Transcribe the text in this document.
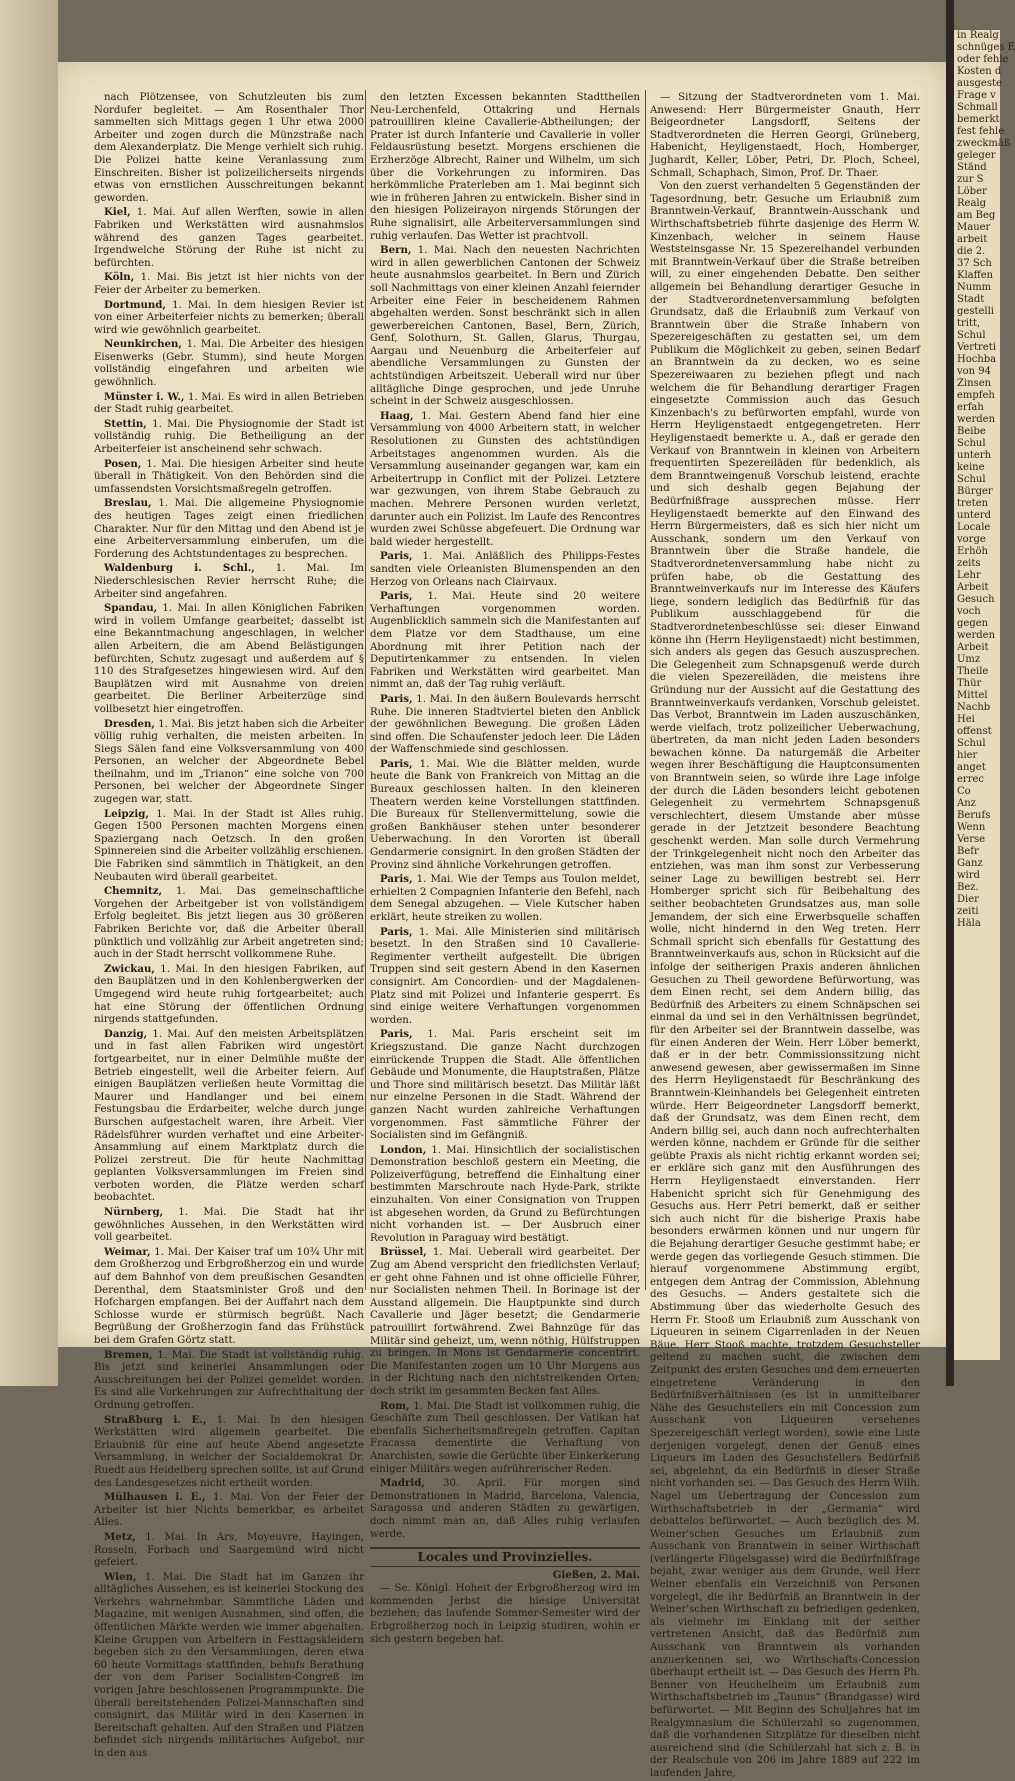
nach Plötzensee, von Schutzleuten bis zum Nordufer begleitet. — Am Rosenthaler Thor sammelten sich Mittags gegen 1 Uhr etwa 2000 Arbeiter und zogen durch die Münzstraße nach dem Alexanderplatz. Die Menge verhielt sich ruhig. Die Polizei hatte keine Veranlassung zum Einschreiten. Bisher ist polizeilicherseits nirgends etwas von ernstlichen Ausschreitungen bekannt geworden.

Kiel, 1. Mai. Auf allen Werften, sowie in allen Fabriken und Werkstätten wird ausnahmslos während des ganzen Tages gearbeitet. Irgendwelche Störung der Ruhe ist nicht zu befürchten.

Köln, 1. Mai. Bis jetzt ist hier nichts von der Feier der Arbeiter zu bemerken.

Dortmund, 1. Mai. In dem hiesigen Revier ist von einer Arbeiterfeier nichts zu bemerken; überall wird wie gewöhnlich gearbeitet.

Neunkirchen, 1. Mai. Die Arbeiter des hiesigen Eisenwerks (Gebr. Stumm), sind heute Morgen vollständig eingefahren und arbeiten wie gewöhnlich.

Münster i. W., 1. Mai. Es wird in allen Betrieben der Stadt ruhig gearbeitet.

Stettin, 1. Mai. Die Physiognomie der Stadt ist vollständig ruhig. Die Betheiligung an der Arbeiterfeier ist anscheinend sehr schwach.

Posen, 1. Mai. Die hiesigen Arbeiter sind heute überall in Thätigkeit. Von den Behörden sind die umfassendsten Vorsichtsmaßregeln getroffen.

Breslau, 1. Mai. Die allgemeine Physiognomie des heutigen Tages zeigt einen friedlichen Charakter. Nur für den Mittag und den Abend ist je eine Arbeiterversammlung einberufen, um die Forderung des Achtstundentages zu besprechen.

Waldenburg i. Schl., 1. Mai. Im Niederschlesischen Revier herrscht Ruhe; die Arbeiter sind angefahren.

Spandau, 1. Mai. In allen Königlichen Fabriken wird in vollem Umfange gearbeitet; dasselbt ist eine Bekanntmachung angeschlagen, in welcher allen Arbeitern, die am Abend Belästigungen befürchten, Schutz zugesagt und außerdem auf § 110 des Strafgesetzes hingewiesen wird. Auf den Bauplätzen wird mit Ausnahme von dreien gearbeitet. Die Berliner Arbeiterzüge sind vollbesetzt hier eingetroffen.

Dresden, 1. Mai. Bis jetzt haben sich die Arbeiter völlig ruhig verhalten, die meisten arbeiten. In Siegs Sälen fand eine Volksversammlung von 400 Personen, an welcher der Abgeordnete Bebel theilnahm, und im „Trianon“ eine solche von 700 Personen, bei welcher der Abgeordnete Singer zugegen war, statt.

Leipzig, 1. Mai. In der Stadt ist Alles ruhig. Gegen 1500 Personen machten Morgens einen Spaziergang nach Oetzsch. In den großen Spinnereien sind die Arbeiter vollzählig erschienen. Die Fabriken sind sämmtlich in Thätigkeit, an den Neubauten wird überall gearbeitet.

Chemnitz, 1. Mai. Das gemeinschaftliche Vorgehen der Arbeitgeber ist von vollständigem Erfolg begleitet. Bis jetzt liegen aus 30 größeren Fabriken Berichte vor, daß die Arbeiter überall pünktlich und vollzählig zur Arbeit angetreten sind; auch in der Stadt herrscht vollkommene Ruhe.

Zwickau, 1. Mai. In den hiesigen Fabriken, auf den Bauplätzen und in den Kohlenbergwerken der Umgegend wird heute ruhig fortgearbeitet; auch hat eine Störung der öffentlichen Ordnung nirgends stattgefunden.

Danzig, 1. Mai. Auf den meisten Arbeitsplätzen und in fast allen Fabriken wird ungestört fortgearbeitet, nur in einer Delmühle mußte der Betrieb eingestellt, weil die Arbeiter feiern. Auf einigen Bauplätzen verließen heute Vormittag die Maurer und Handlanger und bei einem Festungsbau die Erdarbeiter, welche durch junge Burschen aufgestachelt waren, ihre Arbeit. Vier Rädelsführer wurden verhaftet und eine Arbeiter-Ansammlung auf einem Marktplatz durch die Polizei zerstreut. Die für heute Nachmittag geplanten Volksversammlungen im Freien sind verboten worden, die Plätze werden scharf beobachtet.

Nürnberg, 1. Mai. Die Stadt hat ihr gewöhnliches Aussehen, in den Werkstätten wird voll gearbeitet.

Weimar, 1. Mai. Der Kaiser traf um 10¾ Uhr mit dem Großherzog und Erbgroßherzog ein und wurde auf dem Bahnhof von dem preußischen Gesandten Derenthal, dem Staatsminister Groß und den Hofchargen empfangen. Bei der Auffahrt nach dem Schlosse wurde er stürmisch begrüßt. Nach Begrüßung der Großherzogin fand das Frühstück bei dem Grafen Görtz statt.

Bremen, 1. Mai. Die Stadt ist vollständig ruhig. Bis jetzt sind keinerlei Ansammlungen oder Ausschreitungen bei der Polizei gemeldet worden. Es sind alle Vorkehrungen zur Aufrechthaltung der Ordnung getroffen.

Straßburg i. E., 1. Mai. In den hiesigen Werkstätten wird allgemein gearbeitet. Die Erlaubniß für eine auf heute Abend angesetzte Versammlung, in welcher der Socialdemokrat Dr. Ruedt aus Heidelberg sprechen sollte, ist auf Grund des Landesgesetzes nicht ertheilt worden.

Mülhausen i. E., 1. Mai. Von der Feier der Arbeiter ist hier Nichts bemerkbar, es arbeitet Alles.

Metz, 1. Mai. In Ars, Moyeuvre, Hayingen, Rosseln, Forbach und Saargemünd wird nicht gefeiert.

Wien, 1. Mai. Die Stadt hat im Ganzen ihr alltägliches Aussehen, es ist keinerlei Stockung des Verkehrs wahrnehmbar. Sämmtliche Läden und Magazine, mit wenigen Ausnahmen, sind offen, die öffentlichen Märkte werden wie immer abgehalten. Kleine Gruppen von Arbeitern in Festtagskleidern begeben sich zu den Versammlungen, deren etwa 60 heute Vormittags stattfinden, behufs Berathung der von dem Pariser Socialisten-Congreß im vorigen Jahre beschlossenen Programmpunkte. Die überall bereitstehenden Polizei-Mannschaften sind consignirt, das Militär wird in den Kasernen in Bereitschaft gehalten. Auf den Straßen und Plätzen befindet sich nirgends militärisches Aufgebot, nur in den aus

den letzten Excessen bekannten Stadttheilen Neu-Lerchenfeld, Ottakring und Hernals patrouilliren kleine Cavallerie-Abtheilungen; der Prater ist durch Infanterie und Cavallerie in voller Feldausrüstung besetzt. Morgens erschienen die Erzherzöge Albrecht, Rainer und Wilhelm, um sich über die Vorkehrungen zu informiren. Das herkömmliche Praterleben am 1. Mai beginnt sich wie in früheren Jahren zu entwickeln. Bisher sind in den hiesigen Polizeirayon nirgends Störungen der Ruhe signalisirt, alle Arbeiterversammlungen sind ruhig verlaufen. Das Wetter ist prachtvoll.

Bern, 1. Mai. Nach den neuesten Nachrichten wird in allen gewerblichen Cantonen der Schweiz heute ausnahmslos gearbeitet. In Bern und Zürich soll Nachmittags von einer kleinen Anzahl feiernder Arbeiter eine Feier in bescheidenem Rahmen abgehalten werden. Sonst beschränkt sich in allen gewerbereichen Cantonen, Basel, Bern, Zürich, Genf, Solothurn, St. Gallen, Glarus, Thurgau, Aargau und Neuenburg die Arbeiterfeier auf abendliche Versammlungen zu Gunsten der achtstündigen Arbeitszeit. Ueberall wird nur über alltägliche Dinge gesprochen, und jede Unruhe scheint in der Schweiz ausgeschlossen.

Haag, 1. Mai. Gestern Abend fand hier eine Versammlung von 4000 Arbeitern statt, in welcher Resolutionen zu Gunsten des achtstündigen Arbeitstages angenommen wurden. Als die Versammlung auseinander gegangen war, kam ein Arbeitertrupp in Conflict mit der Polizei. Letztere war gezwungen, von ihrem Stabe Gebrauch zu machen. Mehrere Personen wurden verletzt, darunter auch ein Polizist. Im Laufe des Rencontres wurden zwei Schüsse abgefeuert. Die Ordnung war bald wieder hergestellt.

Paris, 1. Mai. Anläßlich des Philipps-Festes sandten viele Orleanisten Blumenspenden an den Herzog von Orleans nach Clairvaux.

Paris, 1. Mai. Heute sind 20 weitere Verhaftungen vorgenommen worden. Augenblicklich sammeln sich die Manifestanten auf dem Platze vor dem Stadthause, um eine Abordnung mit ihrer Petition nach der Deputirtenkammer zu entsenden. In vielen Fabriken und Werkstätten wird gearbeitet. Man nimmt an, daß der Tag ruhig verläuft.

Paris, 1. Mai. In den äußern Boulevards herrscht Ruhe. Die inneren Stadtviertel bieten den Anblick der gewöhnlichen Bewegung. Die großen Läden sind offen. Die Schaufenster jedoch leer. Die Läden der Waffenschmiede sind geschlossen.

Paris, 1. Mai. Wie die Blätter melden, wurde heute die Bank von Frankreich von Mittag an die Bureaux geschlossen halten. In den kleineren Theatern werden keine Vorstellungen stattfinden. Die Bureaux für Stellenvermittelung, sowie die großen Bankhäuser stehen unter besonderer Ueberwachung. In den Vororten ist überall Gendarmerie consignirt. In den großen Städten der Provinz sind ähnliche Vorkehrungen getroffen.

Paris, 1. Mai. Wie der Temps aus Toulon meldet, erhielten 2 Compagnien Infanterie den Befehl, nach dem Senegal abzugehen. — Viele Kutscher haben erklärt, heute streiken zu wollen.

Paris, 1. Mai. Alle Ministerien sind militärisch besetzt. In den Straßen sind 10 Cavallerie-Regimenter vertheilt aufgestellt. Die übrigen Truppen sind seit gestern Abend in den Kasernen consignirt. Am Concordien- und der Magdalenen-Platz sind mit Polizei und Infanterie gesperrt. Es sind einige weitere Verhaftungen vorgenommen worden.

Paris, 1. Mai. Paris erscheint seit im Kriegszustand. Die ganze Nacht durchzogen einrückende Truppen die Stadt. Alle öffentlichen Gebäude und Monumente, die Hauptstraßen, Plätze und Thore sind militärisch besetzt. Das Militär läßt nur einzelne Personen in die Stadt. Während der ganzen Nacht wurden zahlreiche Verhaftungen vorgenommen. Fast sämmtliche Führer der Socialisten sind im Gefängniß.

London, 1. Mai. Hinsichtlich der socialistischen Demonstration beschloß gestern ein Meeting, die Polizeiverfügung, betreffend die Einhaltung einer bestimmten Marschroute nach Hyde-Park, strikte einzuhalten. Von einer Consignation von Truppen ist abgesehen worden, da Grund zu Befürchtungen nicht vorhanden ist. — Der Ausbruch einer Revolution in Paraguay wird bestätigt.

Brüssel, 1. Mai. Ueberall wird gearbeitet. Der Zug am Abend verspricht den friedlichsten Verlauf; er geht ohne Fahnen und ist ohne officielle Führer, nur Socialisten nehmen Theil. In Borinage ist der Ausstand allgemein. Die Hauptpunkte sind durch Cavallerie und Jäger besetzt; die Gendarmerie patrouillirt fortwährend. Zwei Bahnzüge für das Militär sind geheizt, um, wenn nöthig, Hülfstruppen zu bringen. In Mons ist Gendarmerie concentrirt. Die Manifestanten zogen um 10 Uhr Morgens aus in der Richtung nach den nichtstreikenden Orten; doch strikt im gesammten Becken fast Alles.

Rom, 1. Mai. Die Stadt ist vollkommen ruhig, die Geschäfte zum Theil geschlossen. Der Vatikan hat ebenfalls Sicherheitsmaßregeln getroffen. Capitan Fracassa dementirte die Verhaftung von Anarchisten, sowie die Gerüchte über Einkerkerung einiger Militärs wegen aufrührerischer Reden.

Madrid, 30. April. Für morgen sind Demonstrationen in Madrid, Barcelona, Valencia, Saragossa und anderen Städten zu gewärtigen, doch nimmt man an, daß Alles ruhig verlaufen werde.

Locales und Provinzielles.
Gießen, 2. Mai.

— Se. Königl. Hoheit der Erbgroßherzog wird im kommenden Jerbst die hiesige Universität beziehen; das laufende Sommer-Semester wird der Erbgroßherzog noch in Leipzig studiren, wohin er sich gestern begeben hat.

— Sitzung der Stadtverordneten vom 1. Mai. Anwesend: Herr Bürgermeister Gnauth, Herr Beigeordneter Langsdorff, Seitens der Stadtverordneten die Herren Georgi, Grüneberg, Habenicht, Heyligenstaedt, Hoch, Homberger, Jughardt, Keller, Löber, Petri, Dr. Ploch, Scheel, Schmall, Schaphach, Simon, Prof. Dr. Thaer.

Von den zuerst verhandelten 5 Gegenständen der Tagesordnung, betr. Gesuche um Erlaubniß zum Branntwein-Verkauf, Branntwein-Ausschank und Wirthschaftsbetrieb führte dasjenige des Herrn W. Kinzenbach, welcher in seinem Hause Weststeinsgasse Nr. 15 Spezereihandel verbunden mit Branntwein-Verkauf über die Straße betreiben will, zu einer eingehenden Debatte. Den seither allgemein bei Behandlung derartiger Gesuche in der Stadtverordnetenversammlung befolgten Grundsatz, daß die Erlaubniß zum Verkauf von Branntwein über die Straße Inhabern von Spezereigeschäften zu gestatten sei, um dem Publikum die Möglichkeit zu geben, seinen Bedarf an Branntwein da zu decken, wo es seine Spezereiwaaren zu beziehen pflegt und nach welchem die für Behandlung derartiger Fragen eingesetzte Commission auch das Gesuch Kinzenbach's zu befürworten empfahl, wurde von Herrn Heyligenstaedt entgegengetreten. Herr Heyligenstaedt bemerkte u. A., daß er gerade den Verkauf von Branntwein in kleinen von Arbeitern frequentirten Spezereiläden für bedenklich, als dem Branntweingenuß Vorschub leistend, erachte und sich deshalb gegen Bejahung der Bedürfnißfrage aussprechen müsse. Herr Heyligenstaedt bemerkte auf den Einwand des Herrn Bürgermeisters, daß es sich hier nicht um Ausschank, sondern um den Verkauf von Branntwein über die Straße handele, die Stadtverordnetenversammlung habe nicht zu prüfen habe, ob die Gestattung des Branntweinverkaufs nur im Interesse des Käufers liege, sondern lediglich das Bedürfniß für das Publikum ausschlaggebend für die Stadtverordnetenbeschlüsse sei: dieser Einwand könne ihn (Herrn Heyligenstaedt) nicht bestimmen, sich anders als gegen das Gesuch auszusprechen. Die Gelegenheit zum Schnapsgenuß werde durch die vielen Spezereiläden, die meistens ihre Gründung nur der Aussicht auf die Gestattung des Branntweinverkaufs verdanken, Vorschub geleistet. Das Verbot, Branntwein im Laden auszuschänken, werde vielfach, trotz polizeilicher Ueberwachung, übertreten, da man nicht jeden Laden besonders bewachen könne. Da naturgemäß die Arbeiter wegen ihrer Beschäftigung die Hauptconsumenten von Branntwein seien, so würde ihre Lage infolge der durch die Läden besonders leicht gebotenen Gelegenheit zu vermehrtem Schnapsgenuß verschlechtert, diesem Umstande aber müsse gerade in der Jetztzeit besondere Beachtung geschenkt werden. Man solle durch Vermehrung der Trinkgelegenheit nicht noch den Arbeiter das entziehen, was man ihm sonst zur Verbesserung seiner Lage zu bewilligen bestrebt sei. Herr Homberger spricht sich für Beibehaltung des seither beobachteten Grundsatzes aus, man solle Jemandem, der sich eine Erwerbsquelle schaffen wolle, nicht hindernd in den Weg treten. Herr Schmall spricht sich ebenfalls für Gestattung des Branntweinverkaufs aus, schon in Rücksicht auf die infolge der seitherigen Praxis anderen ähnlichen Gesuchen zu Theil gewordene Befürwortung, was dem Einen recht, sei dem Andern billig, das Bedürfniß des Arbeiters zu einem Schnäpschen sei einmal da und sei in den Verhältnissen begründet, für den Arbeiter sei der Branntwein dasselbe, was für einen Anderen der Wein. Herr Löber bemerkt, daß er in der betr. Commissionssitzung nicht anwesend gewesen, aber gewissermaßen im Sinne des Herrn Heyligenstaedt für Beschränkung des Branntwein-Kleinhandels bei Gelegenheit eintreten würde. Herr Beigeordneter Langsdorff bemerkt, daß der Grundsatz, was dem Einen recht, dem Andern billig sei, auch dann noch aufrechterhalten werden könne, nachdem er Gründe für die seither geübte Praxis als nicht richtig erkannt worden sei; er erkläre sich ganz mit den Ausführungen des Herrn Heyligenstaedt einverstanden. Herr Habenicht spricht sich für Genehmigung des Gesuchs aus. Herr Petri bemerkt, daß er seither sich auch nicht für die bisherige Praxis habe besonders erwärmen können und nur ungern für die Bejahung derartiger Gesuche gestimmt habe; er werde gegen das vorliegende Gesuch stimmen. Die hierauf vorgenommene Abstimmung ergibt, entgegen dem Antrag der Commission, Ablehnung des Gesuchs. — Anders gestaltete sich die Abstimmung über das wiederholte Gesuch des Herrn Fr. Stooß um Erlaubniß zum Ausschank von Liqueuren in seinem Cigarrenladen in der Neuen Bäue. Herr Stooß machte, trotzdem Gesuchsteller geltend zu machen sucht, die zwischen dem Zeitpunkt des ersten Gesuches und dem erneuerten eingetretene Veränderung in den Bedürfnißverhältnissen (es ist in unmittelbarer Nähe des Gesuchstellers ein mit Concession zum Ausschank von Liqueuren versehenes Spezereigeschäft verlegt worden), sowie eine Liste derjenigen vorgelegt, denen der Genuß eines Liqueurs im Laden des Gesuchstellers Bedürfniß sei, abgelehnt, da ein Bedürfniß in dieser Straße nicht vorhanden sei. — Das Gesuch des Herrn Wilh. Nagel um Uebertragung der Concession zum Wirthschaftsbetrieb in der „Germania“ wird debattelos befürwortet. — Auch bezüglich des M. Weiner'schen Gesuches um Erlaubniß zum Ausschank von Branntwein in seiner Wirthschaft (verlängerte Flügelsgasse) wird die Bedürfnißfrage bejaht, zwar weniger aus dem Grunde, weil Herr Weiner ebenfalls ein Verzeichniß von Personen vorgelegt, die ihr Bedürfniß an Branntwein in der Weiner'schen Wirthschaft zu befriedigen gedenken, als vielmehr im Einklang mit der seither vertretenen Ansicht, daß das Bedürfniß zum Ausschank von Branntwein als vorhanden anzuerkennen sei, wo Wirthschafts-Concession überhaupt ertheilt ist. — Das Gesuch des Herrn Ph. Benner von Heuchelheim um Erlaubniß zum Wirthschaftsbetrieb im „Taunus“ (Brandgasse) wird befürwortet. — Mit Beginn des Schuljahres hat im Realgymnasium die Schülerzahl so zugenommen, daß die vorhandenen Sitzplätze für dieselben nicht ausreichend sind (die Schülerzahl hat sich z. B. in der Realschule von 206 im Jahre 1889 auf 222 im laufenden Jahre,

in Realg
schnüges E
oder fehle
Kosten d
ausgeste
Frage v
Schmall
bemerkt
fest fehle
zweckmäß
geleger
Ständ
zur S
Löber
Realg
am Beg
Mauer
arbeit
die 2.
37 Sch
Klaffen
Numm
Stadt
gestelli
tritt,
Schul
Vertreti
Hochba
von 94
Zinsen
empfeh
erfah
werden
Beibe
Schul
unterh
keine
Schul
Bürger
treten
unterd
Locale
vorge
Erhöh
zeits
Lehr
Arbeit
Gesuch
voch
gegen
werden
Arbeit
Umz
Theile
Thür
Mittel
Nachb
Hei
offenst
Schul
hier
anget
errec
Co
Anz
Berufs
Wenn
Verse
Befr
Ganz
wird
Bez.
Dier
zeiti
Häla
